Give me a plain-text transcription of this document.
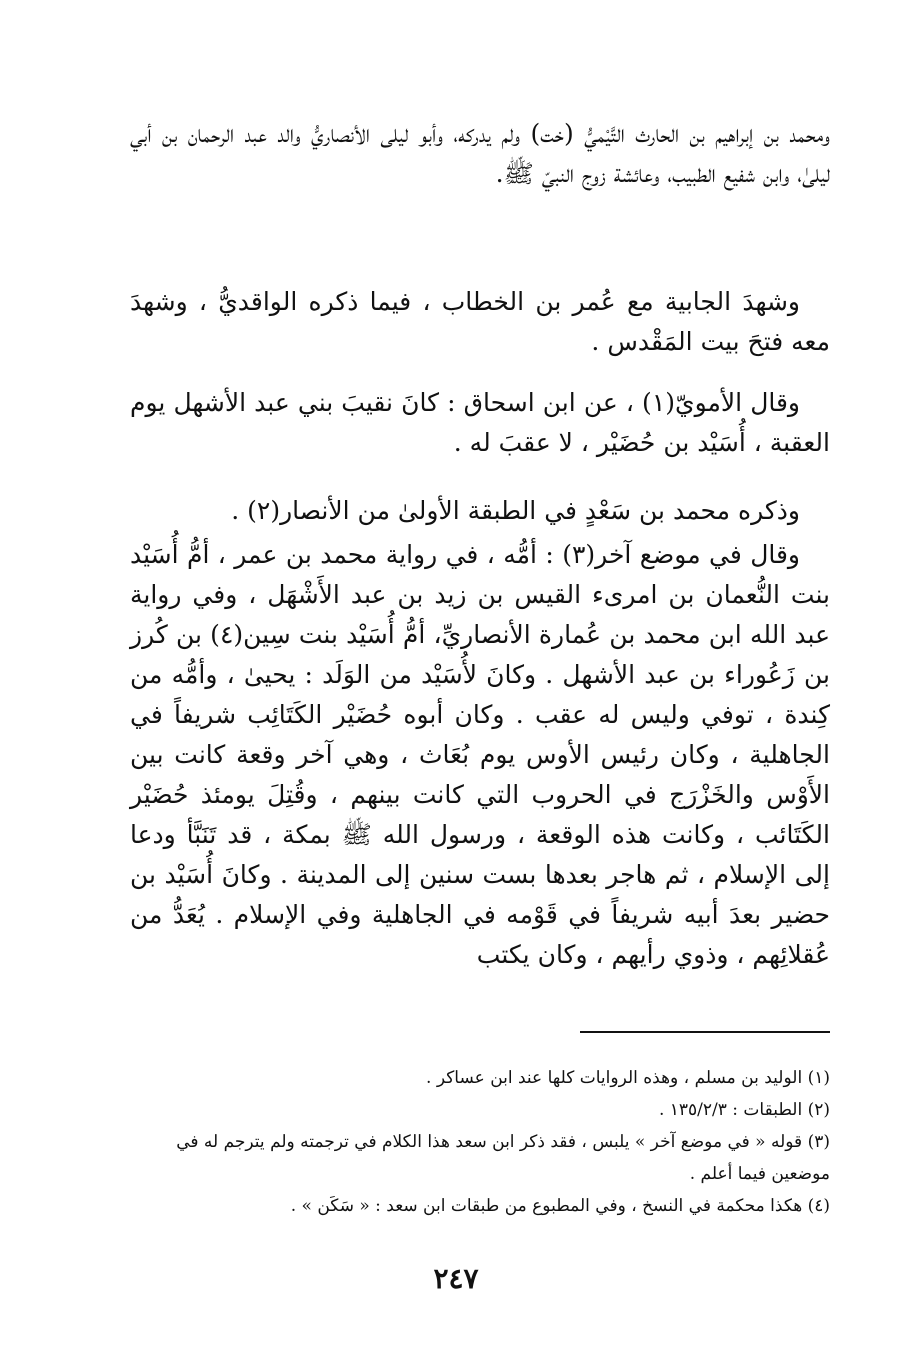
ومحمد بن إبراهيم بن الحارث التَّيْميُّ (خت) ولم يدركه، وأبو ليلى الأنصاريُّ والد عبد الرحمان بن أبي ليلىٰ، وابن شفيع الطبيب، وعائشة زوج النبيّ ﷺ.

وشهدَ الجابية مع عُمر بن الخطاب ، فيما ذكره الواقديُّ ، وشهدَ معه فتحَ بيت المَقْدس .

وقال الأمويّ(١) ، عن ابن اسحاق : كانَ نقيبَ بني عبد الأشهل يوم العقبة ، أُسَيْد بن حُضَيْر ، لا عقبَ له .

وذكره محمد بن سَعْدٍ في الطبقة الأولىٰ من الأنصار(٢) .

وقال في موضع آخر(٣) : أمُّه ، في رواية محمد بن عمر ، أمُّ أُسَيْد بنت النُّعمان بن امرىء القيس بن زيد بن عبد الأَشْهَل ، وفي رواية عبد الله ابن محمد بن عُمارة الأنصاريِّ، أمُّ أُسَيْد بنت سِين(٤) بن كُرز بن زَعُوراء بن عبد الأشهل . وكانَ لأُسَيْد من الوَلَد : يحيىٰ ، وأمُّه من كِندة ، توفي وليس له عقب . وكان أبوه حُضَيْر الكَتَائِب شريفاً في الجاهلية ، وكان رئيس الأوس يوم بُعَاث ، وهي آخر وقعة كانت بين الأَوْس والخَزْرَج في الحروب التي كانت بينهم ، وقُتِلَ يومئذ حُضَيْر الكَتَائب ، وكانت هذه الوقعة ، ورسول الله ﷺ بمكة ، قد تَنَبَّأ ودعا إلى الإسلام ، ثم هاجر بعدها بست سنين إلى المدينة . وكانَ أُسَيْد بن حضير بعدَ أبيه شريفاً في قَوْمه في الجاهلية وفي الإسلام . يُعَدُّ من عُقلائِهم ، وذوي رأيهم ، وكان يكتب

(١) الوليد بن مسلم ، وهذه الروايات كلها عند ابن عساكر .

(٢) الطبقات : ١٣٥/٢/٣ .

(٣) قوله « في موضع آخر » يلبس ، فقد ذكر ابن سعد هذا الكلام في ترجمته ولم يترجم له في موضعين فيما أعلم .

(٤) هكذا محكمة في النسخ ، وفي المطبوع من طبقات ابن سعد : « سَكَن » .

٢٤٧
